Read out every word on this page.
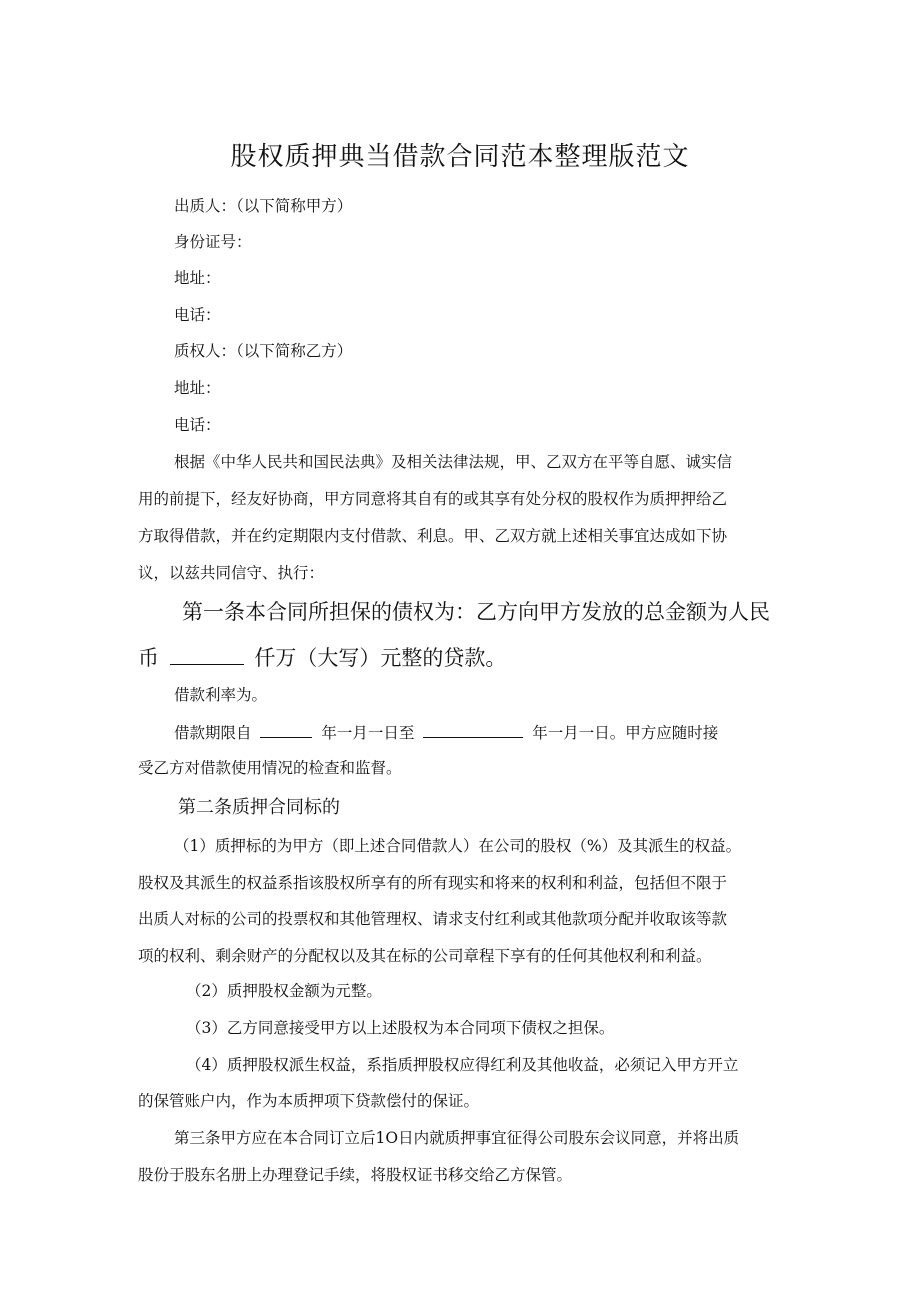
股权质押典当借款合同范本整理版范文
出质人：（以下简称甲方）
身份证号：
地址：
电话：
质权人：（以下简称乙方）
地址：
电话：
根据《中华人民共和国民法典》及相关法律法规，甲、乙双方在平等自愿、诚实信
用的前提下，经友好协商，甲方同意将其自有的或其享有处分权的股权作为质押押给乙
方取得借款，并在约定期限内支付借款、利息。甲、乙双方就上述相关事宜达成如下协
议，以兹共同信守、执行：
第一条本合同所担保的债权为：乙方向甲方发放的总金额为人民
币	仟万（大写）元整的贷款。
借款利率为。
借款期限自	年一月一日至	年一月一日。甲方应随时接
受乙方对借款使用情况的检查和监督。
第二条质押合同标的
（1）质押标的为甲方（即上述合同借款人）在公司的股权（%）及其派生的权益。
股权及其派生的权益系指该股权所享有的所有现实和将来的权利和利益，包括但不限于
出质人对标的公司的投票权和其他管理权、请求支付红利或其他款项分配并收取该等款
项的权利、剩余财产的分配权以及其在标的公司章程下享有的任何其他权利和利益。
（2）质押股权金额为元整。
（3）乙方同意接受甲方以上述股权为本合同项下债权之担保。
（4）质押股权派生权益，系指质押股权应得红利及其他收益，必须记入甲方开立
的保管账户内，作为本质押项下贷款偿付的保证。
第三条甲方应在本合同订立后1O日内就质押事宜征得公司股东会议同意，并将出质
股份于股东名册上办理登记手续，将股权证书移交给乙方保管。
